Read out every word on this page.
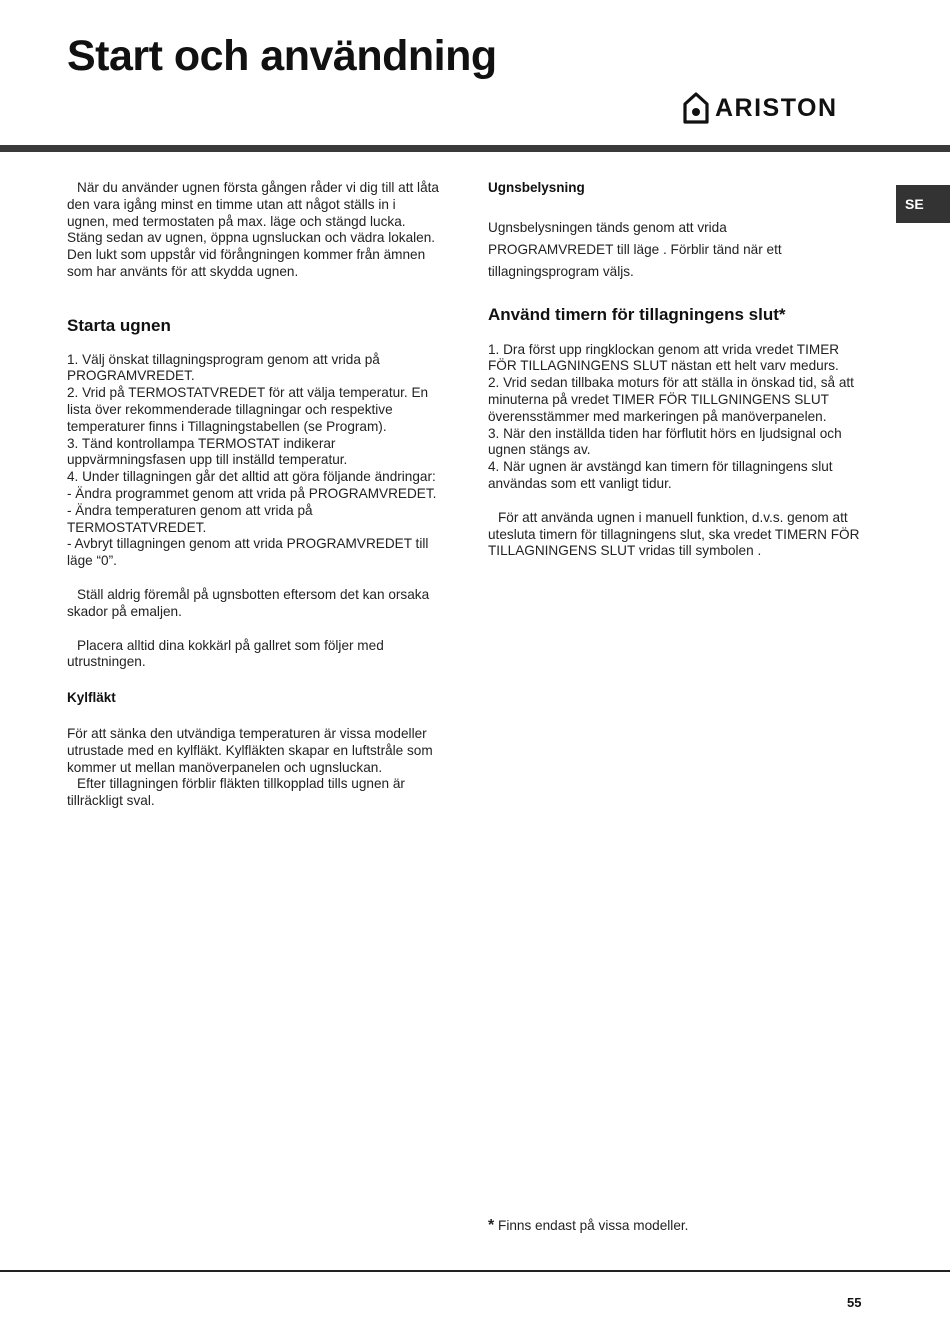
Start och användning
ARISTON
SE

När du använder ugnen första gången råder vi dig till att låta den vara igång minst en timme utan att något ställs in i ugnen, med termostaten på max. läge och stängd lucka. Stäng sedan av ugnen, öppna ugnsluckan och vädra lokalen. Den lukt som uppstår vid förångningen kommer från ämnen som har använts för att skydda ugnen.

Starta ugnen

1. Välj önskat tillagningsprogram genom att vrida på PROGRAMVREDET.

2. Vrid på TERMOSTATVREDET för att välja temperatur. En lista över rekommenderade tillagningar och respektive temperaturer finns i Tillagningstabellen (se Program).

3. Tänd kontrollampa TERMOSTAT indikerar uppvärmningsfasen upp till inställd temperatur.

4. Under tillagningen går det alltid att göra följande ändringar:

- Ändra programmet genom att vrida på PROGRAMVREDET.

- Ändra temperaturen genom att vrida på TERMOSTATVREDET.

- Avbryt tillagningen genom att vrida PROGRAMVREDET till läge “0”.

Ställ aldrig föremål på ugnsbotten eftersom det kan orsaka skador på emaljen.

Placera alltid dina kokkärl på gallret som följer med utrustningen.

Kylfläkt

För att sänka den utvändiga temperaturen är vissa modeller utrustade med en kylfläkt. Kylfläkten skapar en luftstråle som kommer ut mellan manöverpanelen och ugnsluckan.

Efter tillagningen förblir fläkten tillkopplad tills ugnen är tillräckligt sval.

Ugnsbelysning

Ugnsbelysningen tänds genom att vrida

PROGRAMVREDET till läge . Förblir tänd när ett

tillagningsprogram väljs.

Använd timern för tillagningens slut*

1. Dra först upp ringklockan genom att vrida vredet TIMER FÖR TILLAGNINGENS SLUT nästan ett helt varv medurs.

2. Vrid sedan tillbaka moturs för att ställa in önskad tid, så att minuterna på vredet TIMER FÖR TILLGNINGENS SLUT överensstämmer med markeringen på manöverpanelen.

3. När den inställda tiden har förflutit hörs en ljudsignal och ugnen stängs av.

4. När ugnen är avstängd kan timern för tillagningens slut användas som ett vanligt tidur.

För att använda ugnen i manuell funktion, d.v.s. genom att utesluta timern för tillagningens slut, ska vredet TIMERN FÖR TILLAGNINGENS SLUT vridas till symbolen .

* Finns endast på vissa modeller.
55
